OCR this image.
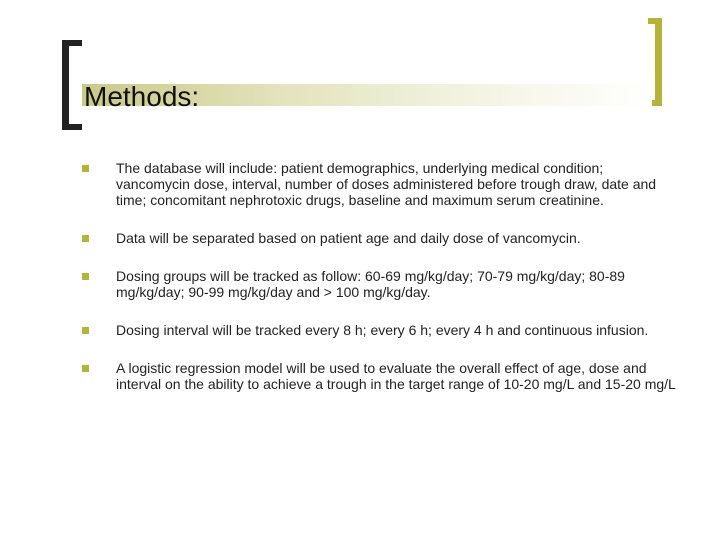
Methods:
The database will include: patient demographics, underlying medical condition; vancomycin dose, interval, number of doses administered before trough draw, date and time; concomitant nephrotoxic drugs, baseline and maximum serum creatinine.
Data will be separated based on patient age and daily dose of vancomycin.
Dosing groups will be tracked as follow: 60-69 mg/kg/day; 70-79 mg/kg/day; 80-89 mg/kg/day; 90-99 mg/kg/day and > 100 mg/kg/day.
Dosing interval will be tracked every 8 h; every 6 h; every 4 h and continuous infusion.
A logistic regression model will be used to evaluate the overall effect of age, dose and interval on the ability to achieve a trough in the target range of 10-20 mg/L and 15-20 mg/L
